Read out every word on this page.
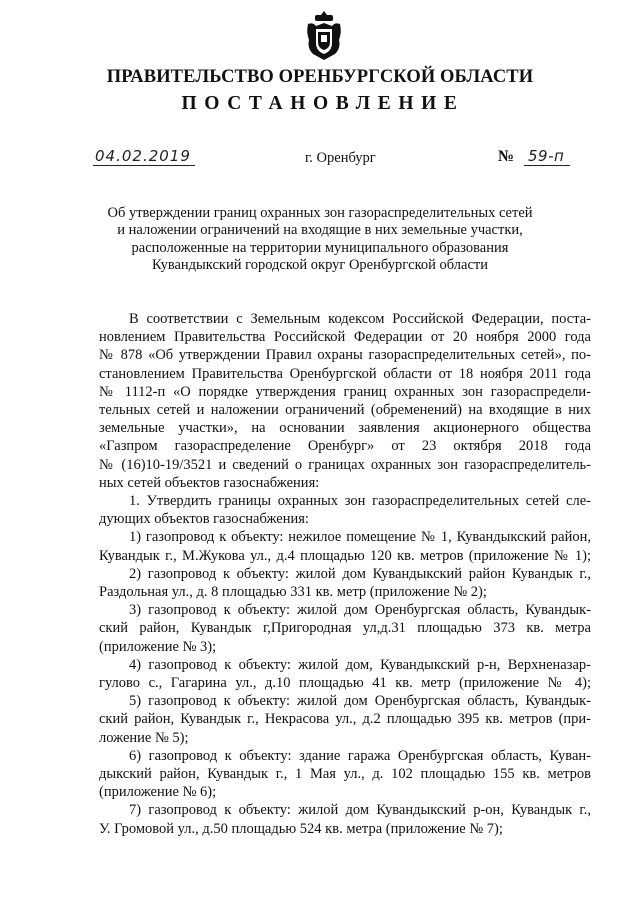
ПРАВИТЕЛЬСТВО ОРЕНБУРГСКОЙ ОБЛАСТИ
ПОСТАНОВЛЕНИЕ
04.02.2019	г. Оренбург	№ 59-п
Об утверждении границ охранных зон газораспределительных сетей
и наложении ограничений на входящие в них земельные участки,
расположенные на территории муниципального образования
Кувандыкский городской округ Оренбургской области
В соответствии с Земельным кодексом Российской Федерации, поста-
новлением Правительства Российской Федерации от 20 ноября 2000 года
№ 878 «Об утверждении Правил охраны газораспределительных сетей», по-
становлением Правительства Оренбургской области от 18 ноября 2011 года
№ 1112-п «О порядке утверждения границ охранных зон газораспредели-
тельных сетей и наложении ограничений (обременений) на входящие в них
земельные участки», на основании заявления акционерного общества
«Газпром газораспределение Оренбург» от 23 октября 2018 года
№ (16)10-19/3521 и сведений о границах охранных зон газораспределитель-
ных сетей объектов газоснабжения:
1. Утвердить границы охранных зон газораспределительных сетей сле-
дующих объектов газоснабжения:
1) газопровод к объекту: нежилое помещение № 1, Кувандыкский район,
Кувандык г., М.Жукова ул., д.4 площадью 120 кв. метров (приложение № 1);
2) газопровод к объекту: жилой дом Кувандыкский район Кувандык г.,
Раздольная ул., д. 8 площадью 331 кв. метр (приложение № 2);
3) газопровод к объекту: жилой дом Оренбургская область, Кувандык-
ский район, Кувандык г,Пригородная ул,д.31 площадью 373 кв. метра
(приложение № 3);
4) газопровод к объекту: жилой дом, Кувандыкский р-н, Верхненазар-
гулово с., Гагарина ул., д.10 площадью 41 кв. метр (приложение № 4);
5) газопровод к объекту: жилой дом Оренбургская область, Кувандык-
ский район, Кувандык г., Некрасова ул., д.2 площадью 395 кв. метров (при-
ложение № 5);
6) газопровод к объекту: здание гаража Оренбургская область, Куван-
дыкский район, Кувандык г., 1 Мая ул., д. 102 площадью 155 кв. метров
(приложение № 6);
7) газопровод к объекту: жилой дом Кувандыкский р-он, Кувандык г.,
У. Громовой ул., д.50 площадью 524 кв. метра (приложение № 7);
